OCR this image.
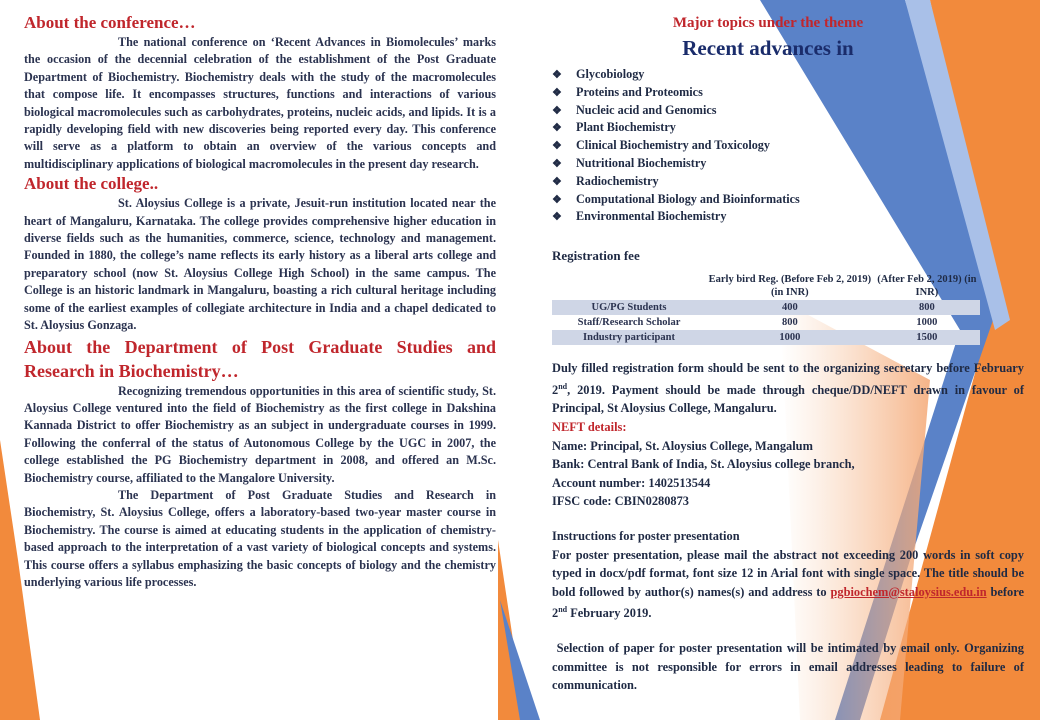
About the conference…

The national conference on ‘Recent Advances in Biomolecules’ marks the occasion of the decennial celebration of the establishment of the Post Graduate Department of Biochemistry. Biochemistry deals with the study of the macromolecules that compose life. It encompasses structures, functions and interactions of various biological macromolecules such as carbohydrates, proteins, nucleic acids, and lipids. It is a rapidly developing field with new discoveries being reported every day. This conference will serve as a platform to obtain an overview of the various concepts and multidisciplinary applications of biological macromolecules in the present day research.

About the college..

St. Aloysius College is a private, Jesuit-run institution located near the heart of Mangaluru, Karnataka. The college provides comprehensive higher education in diverse fields such as the humanities, commerce, science, technology and management. Founded in 1880, the college’s name reflects its early history as a liberal arts college and preparatory school (now St. Aloysius College High School) in the same campus. The College is an historic landmark in Mangaluru, boasting a rich cultural heritage including some of the earliest examples of collegiate architecture in India and a chapel dedicated to St. Aloysius Gonzaga.

About the Department of Post Graduate Studies and Research in Biochemistry…

Recognizing tremendous opportunities in this area of scientific study, St. Aloysius College ventured into the field of Biochemistry as the first college in Dakshina Kannada District to offer Biochemistry as an subject in undergraduate courses in 1999. Following the conferral of the status of Autonomous College by the UGC in 2007, the college established the PG Biochemistry department in 2008, and offered an M.Sc. Biochemistry course, affiliated to the Mangalore University.

The Department of Post Graduate Studies and Research in Biochemistry, St. Aloysius College, offers a laboratory-based two-year master course in Biochemistry. The course is aimed at educating students in the application of chemistry-based approach to the interpretation of a vast variety of biological concepts and systems. This course offers a syllabus emphasizing the basic concepts of biology and the chemistry underlying various life processes.

Major topics under the theme

Recent advances in

❖ Glycobiology
❖ Proteins and Proteomics
❖ Nucleic acid and Genomics
❖ Plant Biochemistry
❖ Clinical Biochemistry and Toxicology
❖ Nutritional Biochemistry
❖ Radiochemistry
❖ Computational Biology and Bioinformatics
❖ Environmental Biochemistry

Registration fee

	Early bird Reg. (Before Feb 2, 2019) (in INR)	(After Feb 2, 2019) (in INR)
UG/PG Students	400	800
Staff/Research Scholar	800	1000
Industry participant	1000	1500

Duly filled registration form should be sent to the organizing secretary before February 2nd, 2019. Payment should be made through cheque/DD/NEFT drawn in favour of Principal, St Aloysius College, Mangaluru.

NEFT details:

Name: Principal, St. Aloysius College, Mangalum

Bank: Central Bank of India, St. Aloysius college branch,

Account number: 1402513544

IFSC code: CBIN0280873

Instructions for poster presentation

For poster presentation, please mail the abstract not exceeding 200 words in soft copy typed in docx/pdf format, font size 12 in Arial font with single space. The title should be bold followed by author(s) names(s) and address to pgbiochem@staloysius.edu.in before 2nd February 2019.

Selection of paper for poster presentation will be intimated by email only. Organizing committee is not responsible for errors in email addresses leading to failure of communication.
